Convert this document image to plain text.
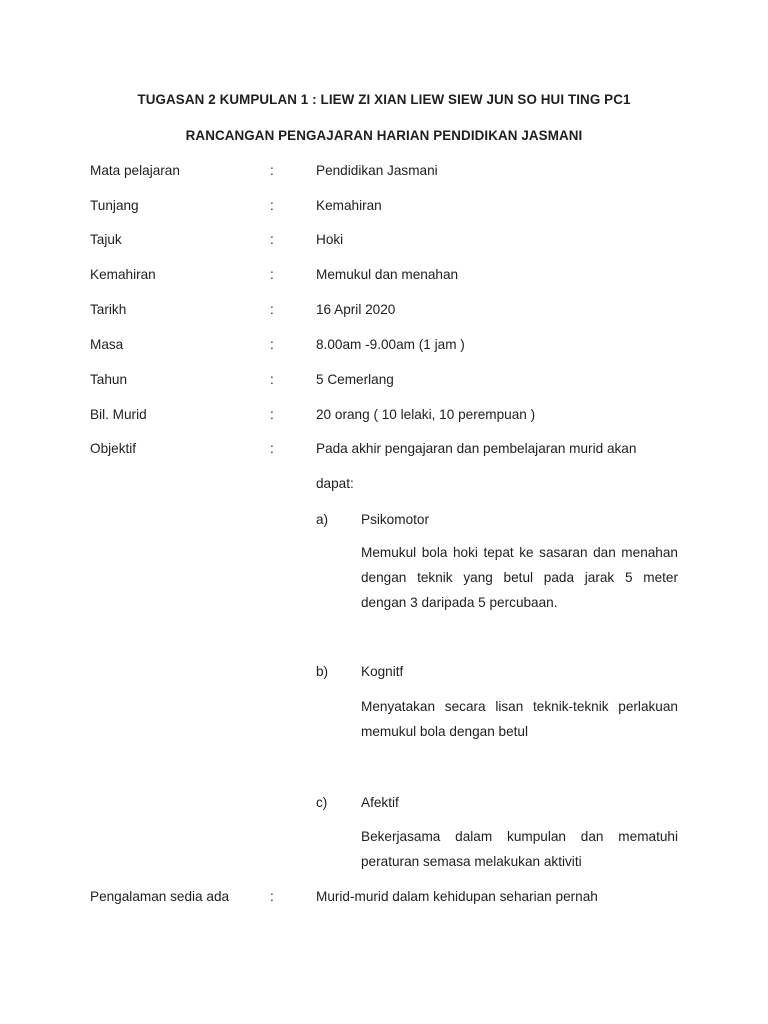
TUGASAN 2 KUMPULAN 1 : LIEW ZI XIAN LIEW SIEW JUN SO HUI TING PC1
RANCANGAN PENGAJARAN HARIAN PENDIDIKAN JASMANI
Mata pelajaran	:	Pendidikan Jasmani
Tunjang	:	Kemahiran
Tajuk	:	Hoki
Kemahiran	:	Memukul dan menahan
Tarikh	:	16 April 2020
Masa	:	8.00am -9.00am (1 jam )
Tahun	:	5 Cemerlang
Bil. Murid	:	20 orang ( 10 lelaki, 10 perempuan )
Objektif	:	Pada akhir pengajaran dan pembelajaran murid akan
dapat:
a) Psikomotor
Memukul bola hoki tepat ke sasaran dan menahan
dengan teknik yang betul pada jarak 5 meter
dengan 3 daripada 5 percubaan.
b) Kognitf
Menyatakan secara lisan teknik-teknik perlakuan
memukul bola dengan betul
c) Afektif
Bekerjasama dalam kumpulan dan mematuhi
peraturan semasa melakukan aktiviti
Pengalaman sedia ada	:	Murid-murid dalam kehidupan seharian pernah
